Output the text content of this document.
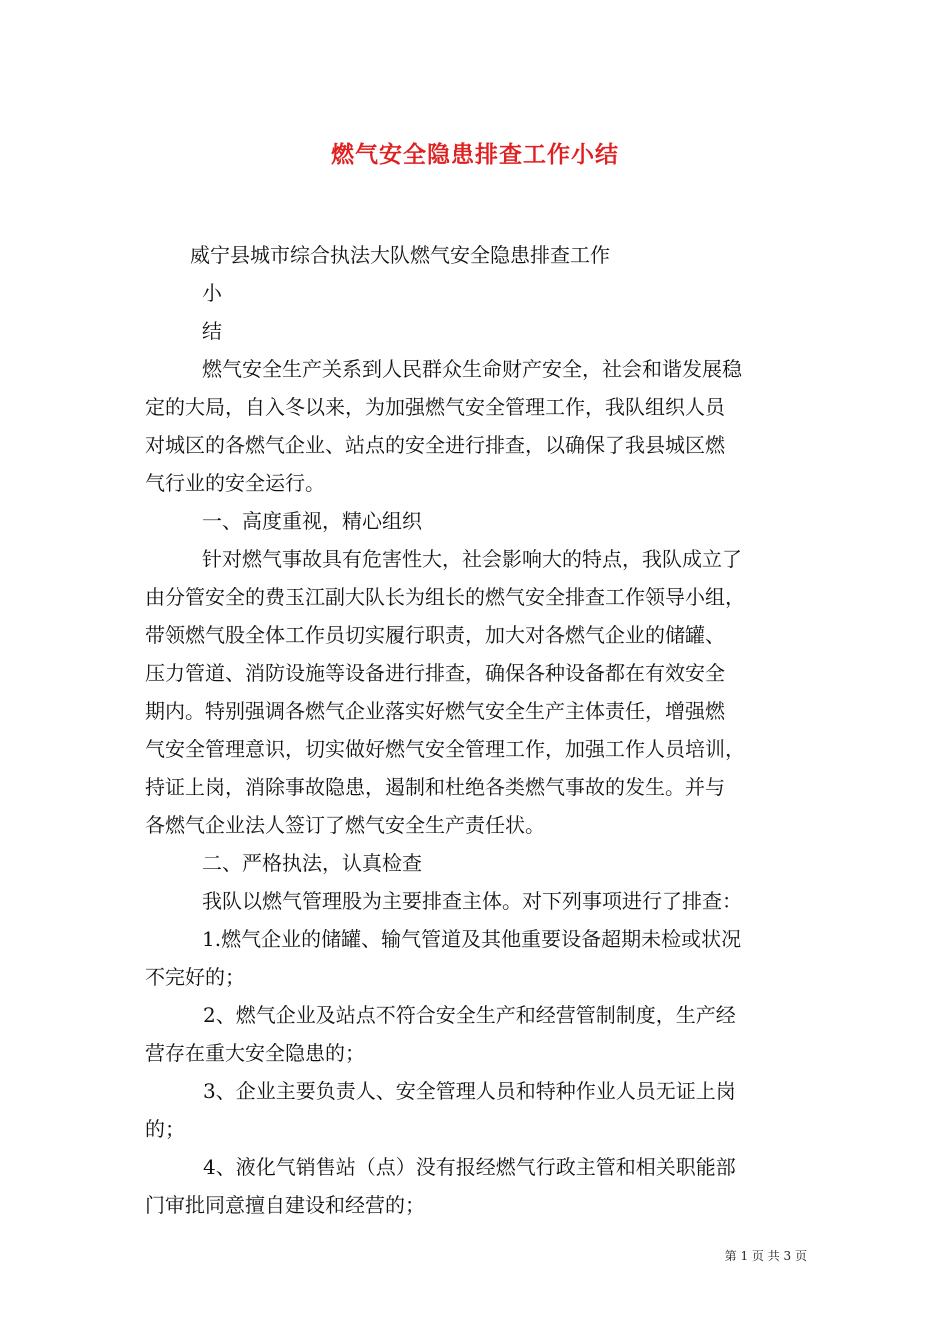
燃气安全隐患排查工作小结
威宁县城市综合执法大队燃气安全隐患排查工作
小
结
燃气安全生产关系到人民群众生命财产安全，社会和谐发展稳
定的大局，自入冬以来，为加强燃气安全管理工作，我队组织人员
对城区的各燃气企业、站点的安全进行排查，以确保了我县城区燃
气行业的安全运行。
一、高度重视，精心组织
针对燃气事故具有危害性大，社会影响大的特点，我队成立了
由分管安全的费玉江副大队长为组长的燃气安全排查工作领导小组，
带领燃气股全体工作员切实履行职责，加大对各燃气企业的储罐、
压力管道、消防设施等设备进行排查，确保各种设备都在有效安全
期内。特别强调各燃气企业落实好燃气安全生产主体责任，增强燃
气安全管理意识，切实做好燃气安全管理工作，加强工作人员培训，
持证上岗，消除事故隐患，遏制和杜绝各类燃气事故的发生。并与
各燃气企业法人签订了燃气安全生产责任状。
二、严格执法，认真检查
我队以燃气管理股为主要排查主体。对下列事项进行了排查：
1.燃气企业的储罐、输气管道及其他重要设备超期未检或状况
不完好的；
2、燃气企业及站点不符合安全生产和经营管制制度，生产经
营存在重大安全隐患的；
3、企业主要负责人、安全管理人员和特种作业人员无证上岗
的；
4、液化气销售站（点）没有报经燃气行政主管和相关职能部
门审批同意擅自建设和经营的；
第 1 页 共 3 页
